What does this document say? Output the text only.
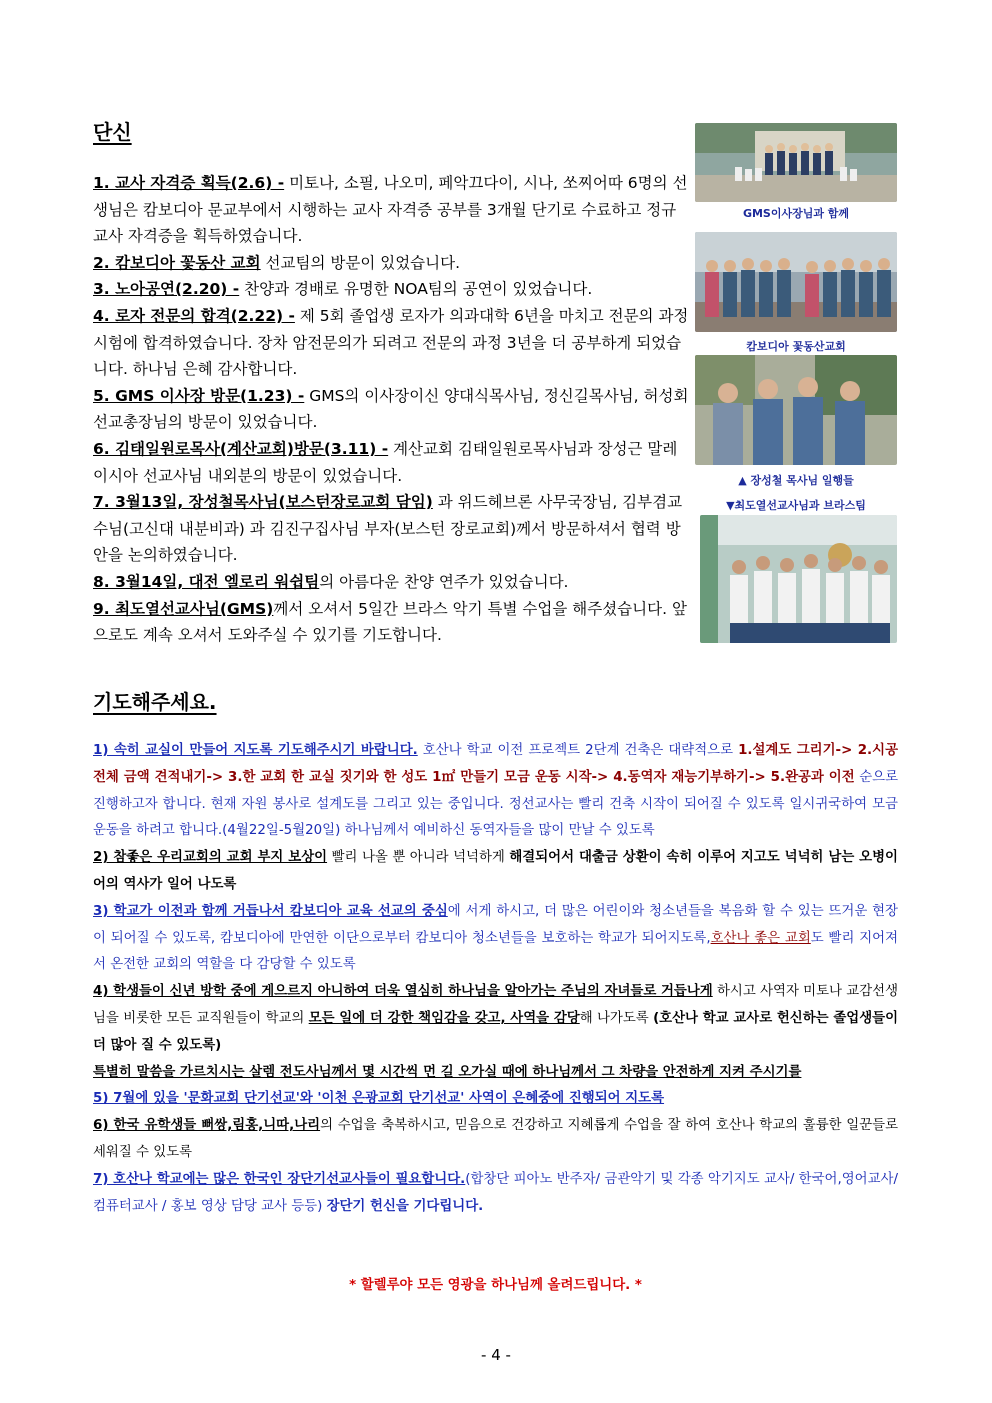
단신

1. 교사 자격증 획득(2.6) - 미토나, 소필, 나오미, 페악끄다이, 시나, 쏘찌어따 6명의 선생님은 캄보디아 문교부에서 시행하는 교사 자격증 공부를 3개월 단기로 수료하고 정규교사 자격증을 획득하였습니다.

2. 캄보디아 꽃동산 교회 선교팀의 방문이 있었습니다.

3. 노아공연(2.20) - 찬양과 경배로 유명한 NOA팀의 공연이 있었습니다.

4. 로자 전문의 합격(2.22) - 제 5회 졸업생 로자가 의과대학 6년을 마치고 전문의 과정 시험에 합격하였습니다. 장차 암전문의가 되려고 전문의 과정 3년을 더 공부하게 되었습니다. 하나님 은혜 감사합니다.

5. GMS 이사장 방문(1.23) - GMS의 이사장이신 양대식목사님, 정신길목사님, 허성회선교총장님의 방문이 있었습니다.

6. 김태일원로목사(계산교회)방문(3.11) - 계산교회 김태일원로목사님과 장성근 말레이시아 선교사님 내외분의 방문이 있었습니다.

7. 3월13일, 장성철목사님(보스턴장로교회 담임) 과 위드헤브론 사무국장님, 김부겸교수님(고신대 내분비과) 과 김진구집사님 부자(보스턴 장로교회)께서 방문하셔서 협력 방안을 논의하였습니다.

8. 3월14일, 대전 엘로리 워쉽팀의 아름다운 찬양 연주가 있었습니다.

9. 최도열선교사님(GMS)께서 오셔서 5일간 브라스 악기 특별 수업을 해주셨습니다. 앞으로도 계속 오셔서 도와주실 수 있기를 기도합니다.

GMS이사장님과 함께
캄보디아 꽃동산교회
▲ 장성철 목사님 일행들
▼최도열선교사님과 브라스팀
기도해주세요.

1) 속히 교실이 만들어 지도록 기도해주시기 바랍니다. 호산나 학교 이전 프로젝트 2단계 건축은 대략적으로 1.설계도 그리기-> 2.시공 전체 금액 견적내기-> 3.한 교회 한 교실 짓기와 한 성도 1㎡ 만들기 모금 운동 시작-> 4.동역자 재능기부하기-> 5.완공과 이전 순으로 진행하고자 합니다. 현재 자원 봉사로 설계도를 그리고 있는 중입니다. 정선교사는 빨리 건축 시작이 되어질 수 있도록 일시귀국하여 모금 운동을 하려고 합니다.(4월22일-5월20일) 하나님께서 예비하신 동역자들을 많이 만날 수 있도록

2) 참좋은 우리교회의 교회 부지 보상이 빨리 나올 뿐 아니라 넉넉하게 해결되어서 대출금 상환이 속히 이루어 지고도 넉넉히 남는 오병이어의 역사가 일어 나도록

3) 학교가 이전과 함께 거듭나서 캄보디아 교육 선교의 중심에 서게 하시고, 더 많은 어린이와 청소년들을 복음화 할 수 있는 뜨거운 현장이 되어질 수 있도록, 캄보디아에 만연한 이단으로부터 캄보디아 청소년들을 보호하는 학교가 되어지도록,호산나 좋은 교회도 빨리 지어져서 온전한 교회의 역할을 다 감당할 수 있도록

4) 학생들이 신년 방학 중에 게으르지 아니하여 더욱 열심히 하나님을 알아가는 주님의 자녀들로 거듭나게 하시고 사역자 미토나 교감선생님을 비롯한 모든 교직원들이 학교의 모든 일에 더 강한 책임감을 갖고, 사역을 감당해 나가도록 (호산나 학교 교사로 헌신하는 졸업생들이 더 많아 질 수 있도록)

특별히 말씀을 가르치시는 살렘 전도사님께서 몇 시간씩 먼 길 오가실 때에 하나님께서 그 차량을 안전하게 지켜 주시기를

5) 7월에 있을 '문화교회 단기선교'와 '이천 은광교회 단기선교' 사역이 은혜중에 진행되어 지도록

6) 한국 유학생들 뻐쌍,림홍,니따,나리의 수업을 축복하시고, 믿음으로 건강하고 지혜롭게 수업을 잘 하여 호산나 학교의 훌륭한 일꾼들로 세워질 수 있도록

7) 호산나 학교에는 많은 한국인 장단기선교사들이 필요합니다.(합창단 피아노 반주자/ 금관악기 및 각종 악기지도 교사/ 한국어,영어교사/ 컴퓨터교사 / 홍보 영상 담당 교사 등등) 장단기 헌신을 기다립니다.

* 할렐루야 모든 영광을 하나님께 올려드립니다. *
- 4 -
